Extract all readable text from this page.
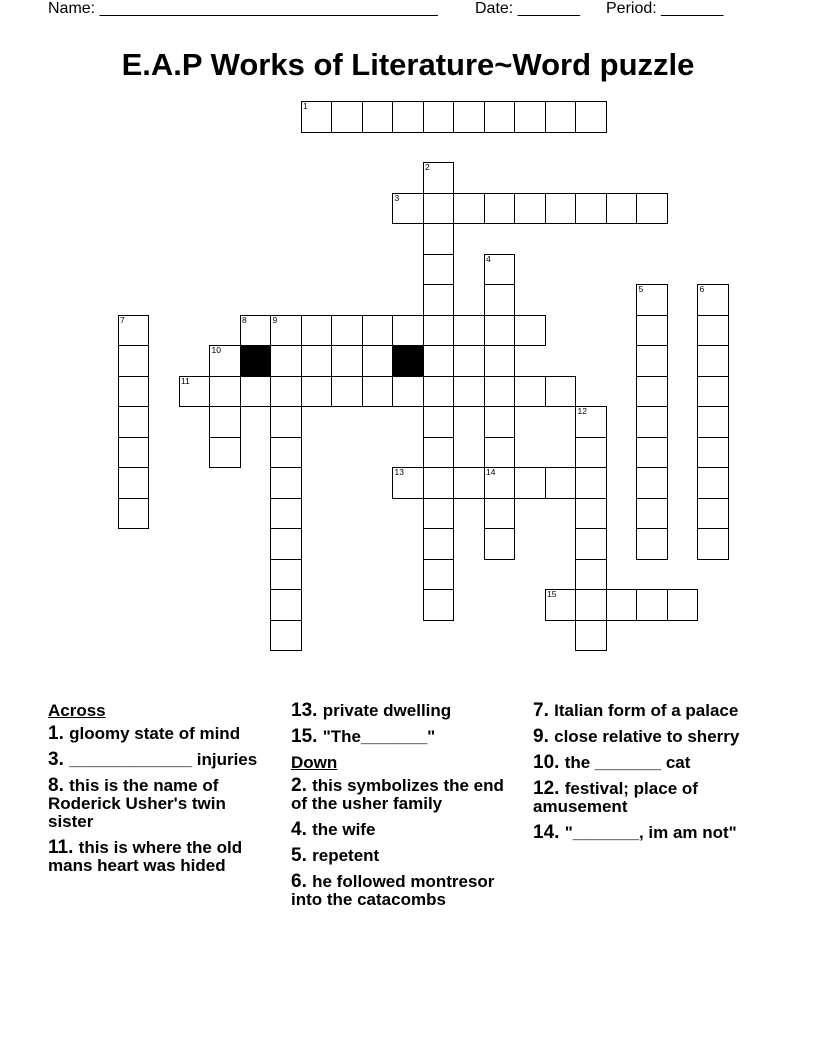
Name: ______________________________________ Date: _______ Period: _______
E.A.P Works of Literature~Word puzzle
1
2
3
4
5	6
7	8	9
10
11
12
13	14
15
Across
1. gloomy state of mind
3. _____________ injuries
8. this is the name of Roderick Usher's twin sister
11. this is where the old mans heart was hided
13. private dwelling
15. "The_______"
Down
2. this symbolizes the end of the usher family
4. the wife
5. repetent
6. he followed montresor into the catacombs
7. Italian form of a palace
9. close relative to sherry
10. the _______ cat
12. festival; place of amusement
14. "_______, im am not"
